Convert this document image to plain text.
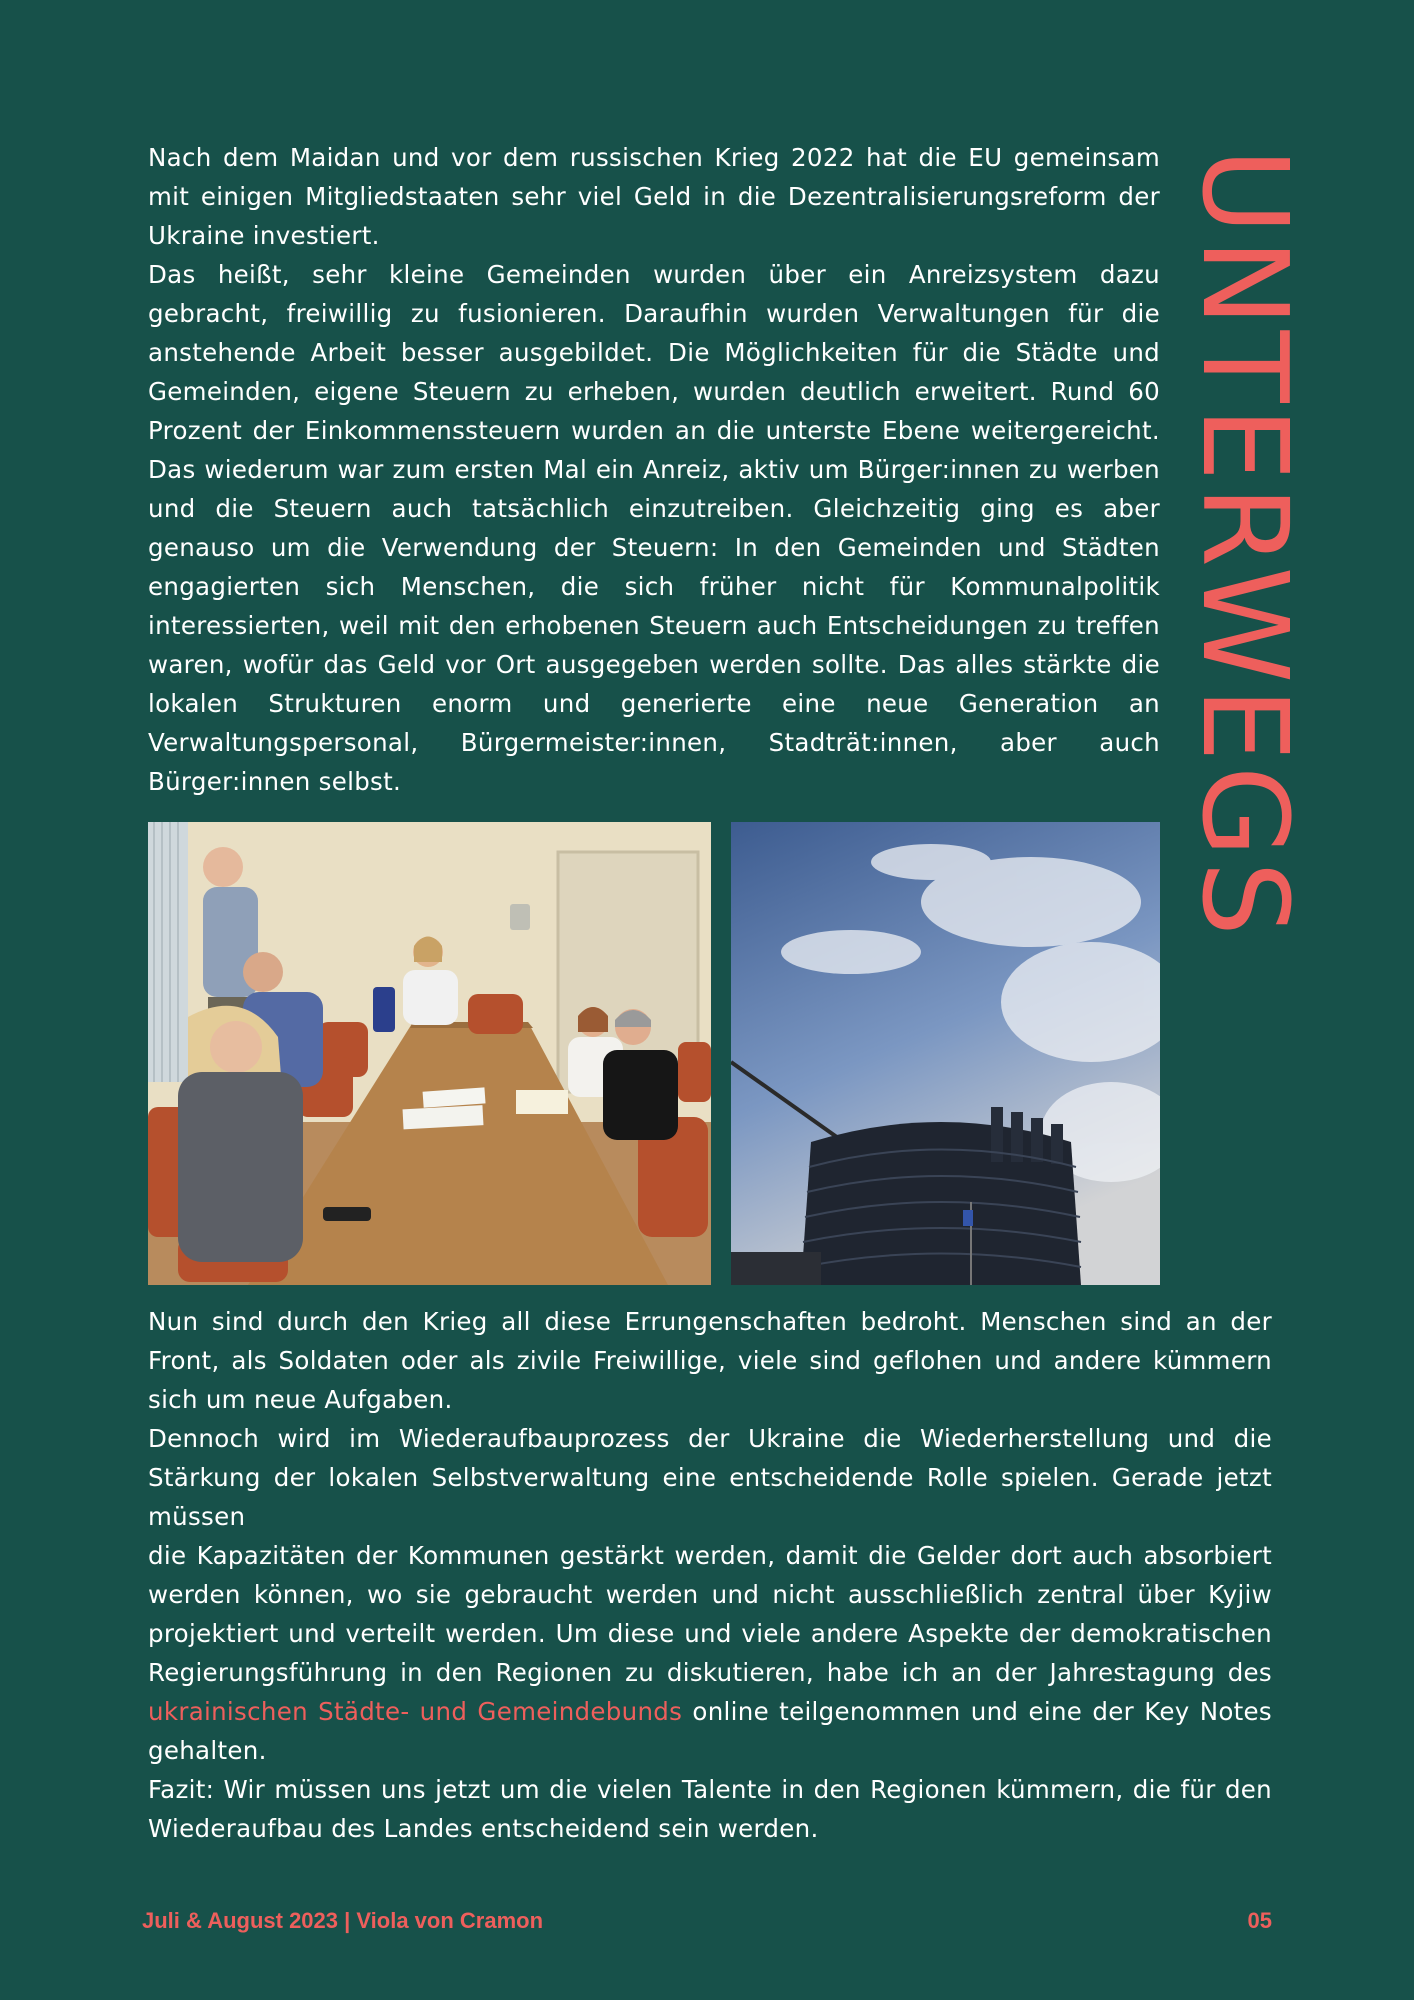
UNTERWEGS

Nach dem Maidan und vor dem russischen Krieg 2022 hat die EU gemeinsam mit einigen Mitgliedstaaten sehr viel Geld in die Dezentralisierungsreform der Ukraine investiert.

Das heißt, sehr kleine Gemeinden wurden über ein Anreizsystem dazu gebracht, freiwillig zu fusionieren. Daraufhin wurden Verwaltungen für die anstehende Arbeit besser ausgebildet. Die Möglichkeiten für die Städte und Gemeinden, eigene Steuern zu erheben, wurden deutlich erweitert. Rund 60 Prozent der Einkommenssteuern wurden an die unterste Ebene weitergereicht. Das wiederum war zum ersten Mal ein Anreiz, aktiv um Bürger:innen zu werben und die Steuern auch tatsächlich einzutreiben. Gleichzeitig ging es aber genauso um die Verwendung der Steuern: In den Gemeinden und Städten engagierten sich Menschen, die sich früher nicht für Kommunalpolitik interessierten, weil mit den erhobenen Steuern auch Entscheidungen zu treffen waren, wofür das Geld vor Ort ausgegeben werden sollte. Das alles stärkte die lokalen Strukturen enorm und generierte eine neue Generation an Verwaltungspersonal, Bürgermeister:innen, Stadträt:innen, aber auch Bürger:innen selbst.

Nun sind durch den Krieg all diese Errungenschaften bedroht. Menschen sind an der Front, als Soldaten oder als zivile Freiwillige, viele sind geflohen und andere kümmern sich um neue Aufgaben.

Dennoch wird im Wiederaufbauprozess der Ukraine die Wiederherstellung und die Stärkung der lokalen Selbstverwaltung eine entscheidende Rolle spielen. Gerade jetzt müssen

die Kapazitäten der Kommunen gestärkt werden, damit die Gelder dort auch absorbiert werden können, wo sie gebraucht werden und nicht ausschließlich zentral über Kyjiw projektiert und verteilt werden. Um diese und viele andere Aspekte der demokratischen Regierungsführung in den Regionen zu diskutieren, habe ich an der Jahrestagung des ukrainischen Städte- und Gemeindebunds online teilgenommen und eine der Key Notes gehalten.

Fazit: Wir müssen uns jetzt um die vielen Talente in den Regionen kümmern, die für den Wiederaufbau des Landes entscheidend sein werden.

Juli & August 2023 | Viola von Cramon	05
